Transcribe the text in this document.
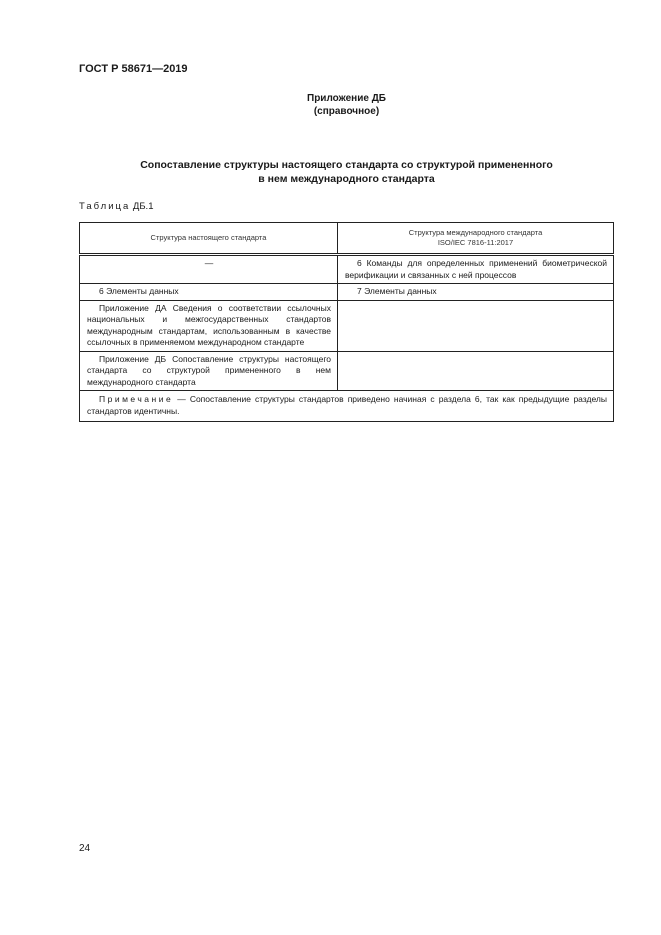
ГОСТ Р 58671—2019
Приложение ДБ
(справочное)
Сопоставление структуры настоящего стандарта со структурой примененного
в нем международного стандарта
Таблица ДБ.1
Структура настоящего стандарта	Структура международного стандарта
ISO/IEC 7816-11:2017

—	6 Команды для определенных применений биометрической верификации и связанных с ней процессов
6 Элементы данных	7 Элементы данных
Приложение ДА Сведения о соответствии ссылочных национальных и межгосударственных стандартов международным стандартам, использованным в качестве ссылочных в применяемом международном стандарте	
Приложение ДБ Сопоставление структуры настоящего стандарта со структурой примененного в нем международного стандарта	
Примечание — Сопоставление структуры стандартов приведено начиная с раздела 6, так как предыдущие разделы стандартов идентичны.	
24
